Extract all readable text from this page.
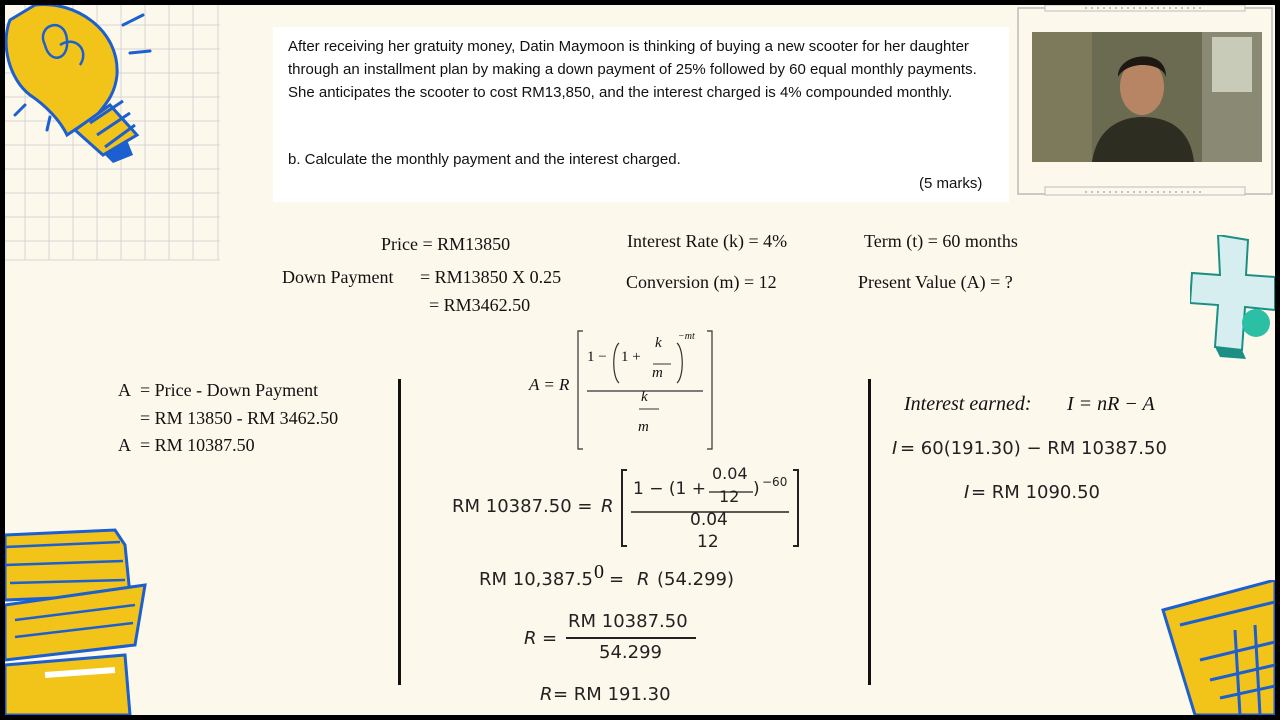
After receiving her gratuity money, Datin Maymoon is thinking of buying a new scooter for her daughter through an installment plan by making a down payment of 25% followed by 60 equal monthly payments. She anticipates the scooter to cost RM13,850, and the interest charged is 4% compounded monthly.
b. Calculate the monthly payment and the interest charged.
(5 marks)
Price = RM13850
Down Payment = RM13850 X 0.25
= RM3462.50
Interest Rate (k) = 4%
Conversion (m) = 12
Term (t) = 60 months
Present Value (A) = ?
A = Price - Down Payment
= RM 13850 - RM 3462.50
A = RM 10387.50
A = R
1 − 1 +
k
m
−mt
k
m
RM 10387.50 = R
1 − (1 +
0.04
12 ) −60
0.04
12
RM 10,387.5 0 = R (54.299)
R =
RM 10387.50
54.299
R = RM 191.30
Interest earned: I = nR − A
I = 60(191.30) − RM 10387.50
I = RM 1090.50
